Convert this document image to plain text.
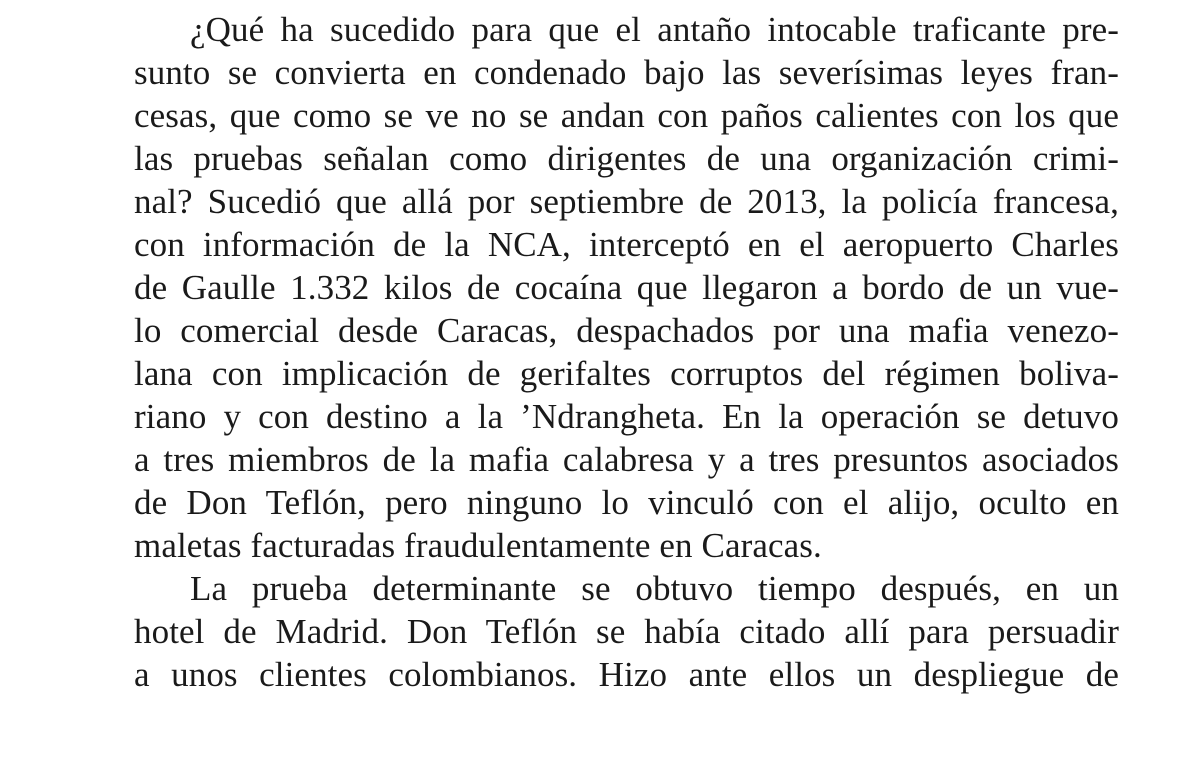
¿Qué ha sucedido para que el antaño intocable traficante pre-
sunto se convierta en condenado bajo las severísimas leyes fran-
cesas, que como se ve no se andan con paños calientes con los que
las pruebas señalan como dirigentes de una organización crimi-
nal? Sucedió que allá por septiembre de 2013, la policía francesa,
con información de la NCA, interceptó en el aeropuerto Charles
de Gaulle 1.332 kilos de cocaína que llegaron a bordo de un vue-
lo comercial desde Caracas, despachados por una mafia venezo-
lana con implicación de gerifaltes corruptos del régimen boliva-
riano y con destino a la ’Ndrangheta. En la operación se detuvo
a tres miembros de la mafia calabresa y a tres presuntos asociados
de Don Teflón, pero ninguno lo vinculó con el alijo, oculto en
maletas facturadas fraudulentamente en Caracas.
La prueba determinante se obtuvo tiempo después, en un
hotel de Madrid. Don Teflón se había citado allí para persuadir
a unos clientes colombianos. Hizo ante ellos un despliegue de
